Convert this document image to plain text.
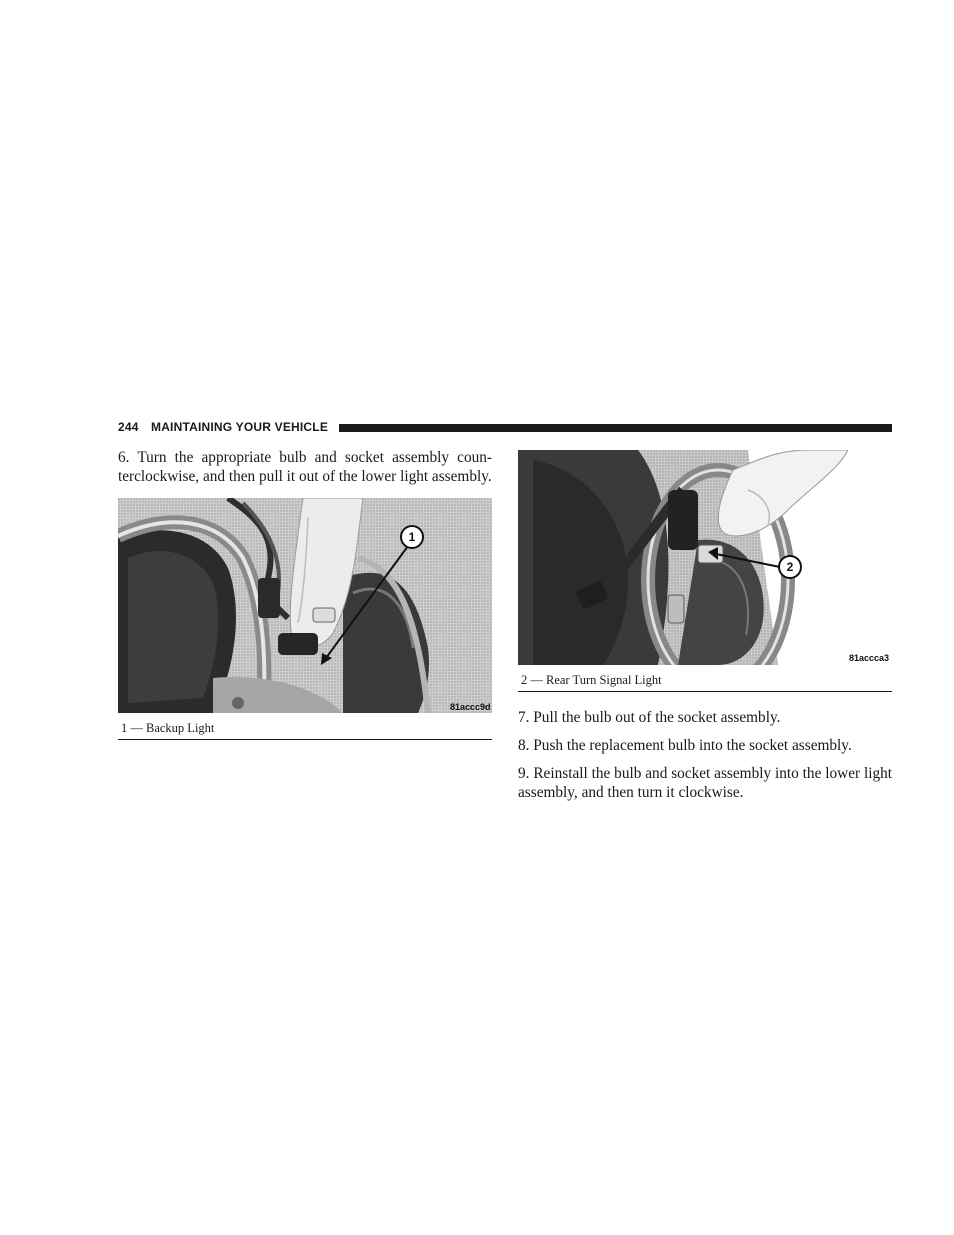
244 MAINTAINING YOUR VEHICLE

6. Turn the appropriate bulb and socket assembly coun-terclockwise, and then pull it out of the lower light assembly.

1
81accc9d
1 — Backup Light
2
81accca3
2 — Rear Turn Signal Light

7. Pull the bulb out of the socket assembly.

8. Push the replacement bulb into the socket assembly.

9. Reinstall the bulb and socket assembly into the lower light assembly, and then turn it clockwise.
